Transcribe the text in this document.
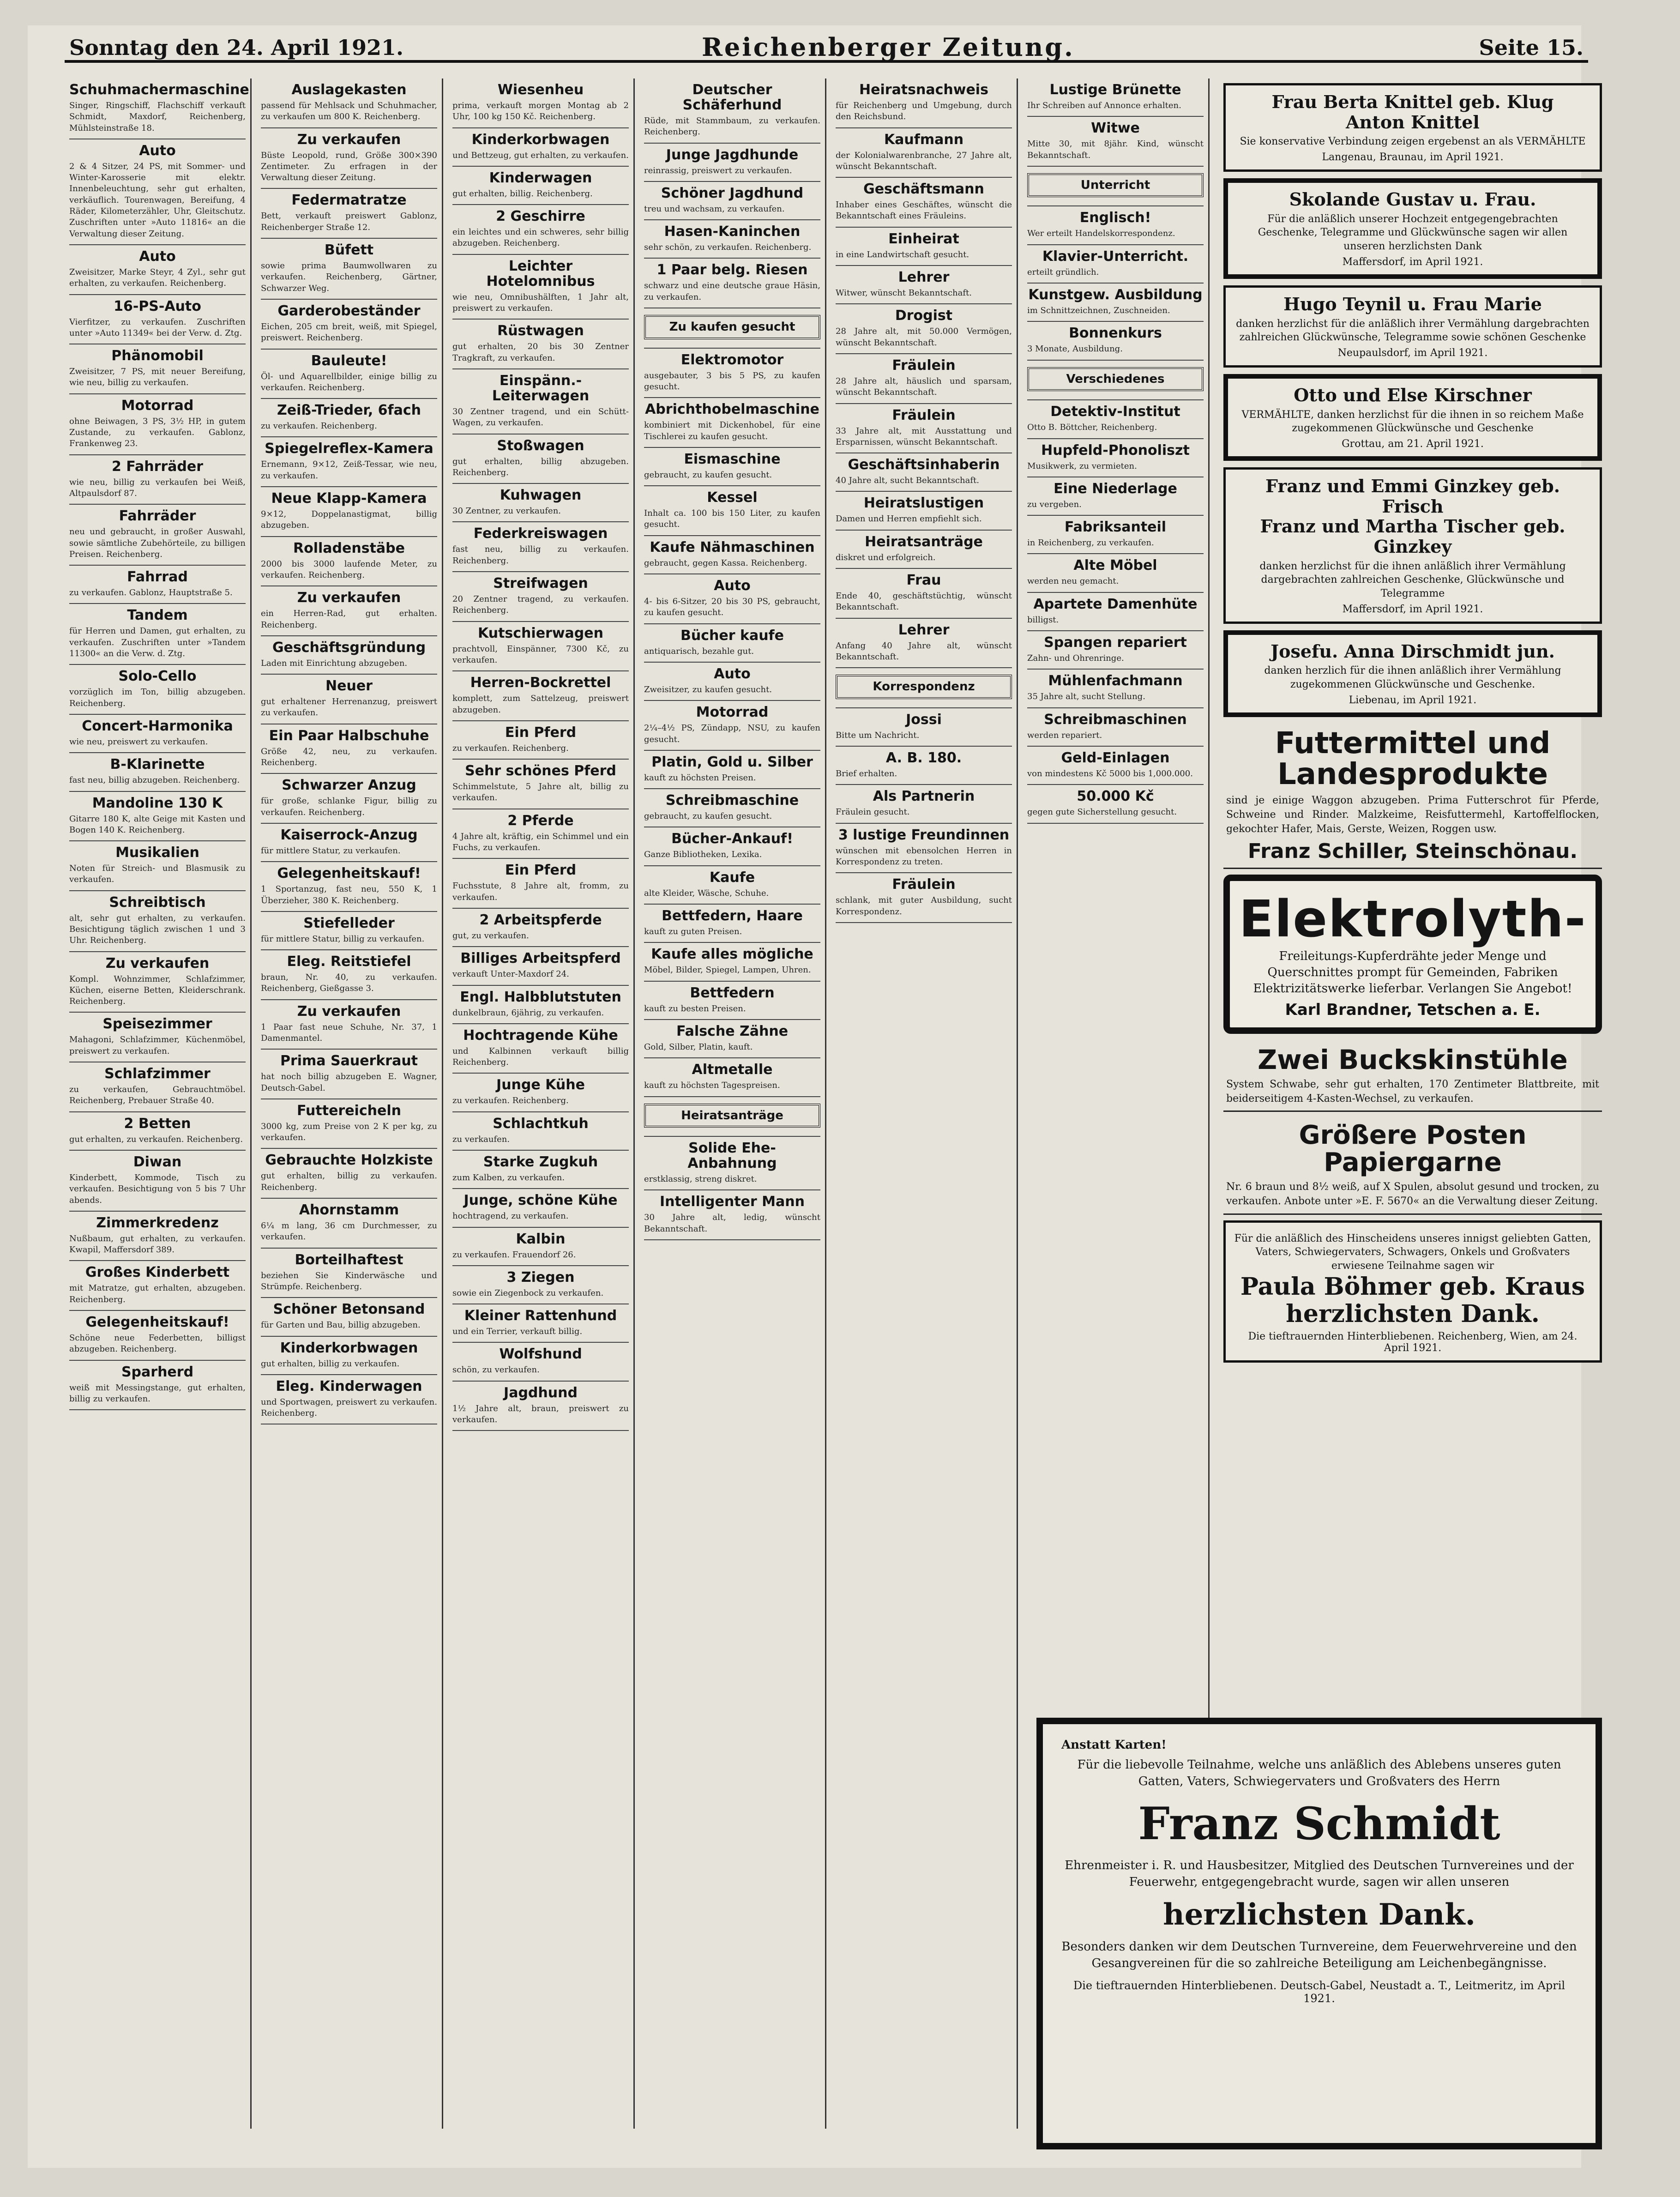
Sonntag den 24. April 1921.	Reichenberger Zeitung.	Seite 15.
Schuhmachermaschine

Singer, Ringschiff, Flachschiff verkauft Schmidt, Maxdorf, Reichenberg, Mühlsteinstraße 18.

Auto

2 & 4 Sitzer, 24 PS, mit Sommer- und Winter-Karosserie mit elektr. Innenbeleuchtung, sehr gut erhalten, verkäuflich. Tourenwagen, Bereifung, 4 Räder, Kilometerzähler, Uhr, Gleitschutz. Zuschriften unter »Auto 11816« an die Verwaltung dieser Zeitung.

Auto

Zweisitzer, Marke Steyr, 4 Zyl., sehr gut erhalten, zu verkaufen. Reichenberg.

16-PS-Auto

Vierfitzer, zu verkaufen. Zuschriften unter »Auto 11349« bei der Verw. d. Ztg.

Phänomobil

Zweisitzer, 7 PS, mit neuer Bereifung, wie neu, billig zu verkaufen.

Motorrad

ohne Beiwagen, 3 PS, 3½ HP, in gutem Zustande, zu verkaufen. Gablonz, Frankenweg 23.

2 Fahrräder

wie neu, billig zu verkaufen bei Weiß, Altpaulsdorf 87.

Fahrräder

neu und gebraucht, in großer Auswahl, sowie sämtliche Zubehörteile, zu billigen Preisen. Reichenberg.

Fahrrad

zu verkaufen. Gablonz, Hauptstraße 5.

Tandem

für Herren und Damen, gut erhalten, zu verkaufen. Zuschriften unter »Tandem 11300« an die Verw. d. Ztg.

Solo-Cello

vorzüglich im Ton, billig abzugeben. Reichenberg.

Concert-Harmonika

wie neu, preiswert zu verkaufen.

B-Klarinette

fast neu, billig abzugeben. Reichenberg.

Mandoline 130 K

Gitarre 180 K, alte Geige mit Kasten und Bogen 140 K. Reichenberg.

Musikalien

Noten für Streich- und Blasmusik zu verkaufen.

Schreibtisch

alt, sehr gut erhalten, zu verkaufen. Besichtigung täglich zwischen 1 und 3 Uhr. Reichenberg.

Zu verkaufen

Kompl. Wohnzimmer, Schlafzimmer, Küchen, eiserne Betten, Kleiderschrank. Reichenberg.

Speisezimmer

Mahagoni, Schlafzimmer, Küchenmöbel, preiswert zu verkaufen.

Schlafzimmer

zu verkaufen, Gebrauchtmöbel. Reichenberg, Prebauer Straße 40.

2 Betten

gut erhalten, zu verkaufen. Reichenberg.

Diwan

Kinderbett, Kommode, Tisch zu verkaufen. Besichtigung von 5 bis 7 Uhr abends.

Zimmerkredenz

Nußbaum, gut erhalten, zu verkaufen. Kwapil, Maffersdorf 389.

Großes Kinderbett

mit Matratze, gut erhalten, abzugeben. Reichenberg.

Gelegenheitskauf!

Schöne neue Federbetten, billigst abzugeben. Reichenberg.

Sparherd

weiß mit Messingstange, gut erhalten, billig zu verkaufen.

Auslagekasten

passend für Mehlsack und Schuhmacher, zu verkaufen um 800 K. Reichenberg.

Zu verkaufen

Büste Leopold, rund, Größe 300×390 Zentimeter. Zu erfragen in der Verwaltung dieser Zeitung.

Federmatratze

Bett, verkauft preiswert Gablonz, Reichenberger Straße 12.

Büfett

sowie prima Baumwollwaren zu verkaufen. Reichenberg, Gärtner, Schwarzer Weg.

Garderobeständer

Eichen, 205 cm breit, weiß, mit Spiegel, preiswert. Reichenberg.

Bauleute!

Öl- und Aquarellbilder, einige billig zu verkaufen. Reichenberg.

Zeiß-Trieder, 6fach

zu verkaufen. Reichenberg.

Spiegelreflex-Kamera

Ernemann, 9×12, Zeiß-Tessar, wie neu, zu verkaufen.

Neue Klapp-Kamera

9×12, Doppelanastigmat, billig abzugeben.

Rolladenstäbe

2000 bis 3000 laufende Meter, zu verkaufen. Reichenberg.

Zu verkaufen

ein Herren-Rad, gut erhalten. Reichenberg.

Geschäftsgründung

Laden mit Einrichtung abzugeben.

Neuer

gut erhaltener Herrenanzug, preiswert zu verkaufen.

Ein Paar Halbschuhe

Größe 42, neu, zu verkaufen. Reichenberg.

Schwarzer Anzug

für große, schlanke Figur, billig zu verkaufen. Reichenberg.

Kaiserrock-Anzug

für mittlere Statur, zu verkaufen.

Gelegenheitskauf!

1 Sportanzug, fast neu, 550 K, 1 Überzieher, 380 K. Reichenberg.

Stiefelleder

für mittlere Statur, billig zu verkaufen.

Eleg. Reitstiefel

braun, Nr. 40, zu verkaufen. Reichenberg, Gießgasse 3.

Zu verkaufen

1 Paar fast neue Schuhe, Nr. 37, 1 Damenmantel.

Prima Sauerkraut

hat noch billig abzugeben E. Wagner, Deutsch-Gabel.

Futtereicheln

3000 kg, zum Preise von 2 K per kg, zu verkaufen.

Gebrauchte Holzkiste

gut erhalten, billig zu verkaufen. Reichenberg.

Ahornstamm

6¼ m lang, 36 cm Durchmesser, zu verkaufen.

Borteilhaftest

beziehen Sie Kinderwäsche und Strümpfe. Reichenberg.

Schöner Betonsand

für Garten und Bau, billig abzugeben.

Kinderkorbwagen

gut erhalten, billig zu verkaufen.

Eleg. Kinderwagen

und Sportwagen, preiswert zu verkaufen. Reichenberg.

Wiesenheu

prima, verkauft morgen Montag ab 2 Uhr, 100 kg 150 Kč. Reichenberg.

Kinderkorbwagen

und Bettzeug, gut erhalten, zu verkaufen.

Kinderwagen

gut erhalten, billig. Reichenberg.

2 Geschirre

ein leichtes und ein schweres, sehr billig abzugeben. Reichenberg.

Leichter Hotelomnibus

wie neu, Omnibushälften, 1 Jahr alt, preiswert zu verkaufen.

Rüstwagen

gut erhalten, 20 bis 30 Zentner Tragkraft, zu verkaufen.

Einspänn.-Leiterwagen

30 Zentner tragend, und ein Schütt-Wagen, zu verkaufen.

Stoßwagen

gut erhalten, billig abzugeben. Reichenberg.

Kuhwagen

30 Zentner, zu verkaufen.

Federkreiswagen

fast neu, billig zu verkaufen. Reichenberg.

Streifwagen

20 Zentner tragend, zu verkaufen. Reichenberg.

Kutschierwagen

prachtvoll, Einspänner, 7300 Kč, zu verkaufen.

Herren-Bockrettel

komplett, zum Sattelzeug, preiswert abzugeben.

Ein Pferd

zu verkaufen. Reichenberg.

Sehr schönes Pferd

Schimmelstute, 5 Jahre alt, billig zu verkaufen.

2 Pferde

4 Jahre alt, kräftig, ein Schimmel und ein Fuchs, zu verkaufen.

Ein Pferd

Fuchsstute, 8 Jahre alt, fromm, zu verkaufen.

2 Arbeitspferde

gut, zu verkaufen.

Billiges Arbeitspferd

verkauft Unter-Maxdorf 24.

Engl. Halbblutstuten

dunkelbraun, 6jährig, zu verkaufen.

Hochtragende Kühe

und Kalbinnen verkauft billig Reichenberg.

Junge Kühe

zu verkaufen. Reichenberg.

Schlachtkuh

zu verkaufen.

Starke Zugkuh

zum Kalben, zu verkaufen.

Junge, schöne Kühe

hochtragend, zu verkaufen.

Kalbin

zu verkaufen. Frauendorf 26.

3 Ziegen

sowie ein Ziegenbock zu verkaufen.

Kleiner Rattenhund

und ein Terrier, verkauft billig.

Wolfshund

schön, zu verkaufen.

Jagdhund

1½ Jahre alt, braun, preiswert zu verkaufen.

Deutscher Schäferhund

Rüde, mit Stammbaum, zu verkaufen. Reichenberg.

Junge Jagdhunde

reinrassig, preiswert zu verkaufen.

Schöner Jagdhund

treu und wachsam, zu verkaufen.

Hasen-Kaninchen

sehr schön, zu verkaufen. Reichenberg.

1 Paar belg. Riesen

schwarz und eine deutsche graue Häsin, zu verkaufen.

Zu kaufen gesucht
Elektromotor

ausgebauter, 3 bis 5 PS, zu kaufen gesucht.

Abrichthobelmaschine

kombiniert mit Dickenhobel, für eine Tischlerei zu kaufen gesucht.

Eismaschine

gebraucht, zu kaufen gesucht.

Kessel

Inhalt ca. 100 bis 150 Liter, zu kaufen gesucht.

Kaufe Nähmaschinen

gebraucht, gegen Kassa. Reichenberg.

Auto

4- bis 6-Sitzer, 20 bis 30 PS, gebraucht, zu kaufen gesucht.

Bücher kaufe

antiquarisch, bezahle gut.

Auto

Zweisitzer, zu kaufen gesucht.

Motorrad

2¼–4½ PS, Zündapp, NSU, zu kaufen gesucht.

Platin, Gold u. Silber

kauft zu höchsten Preisen.

Schreibmaschine

gebraucht, zu kaufen gesucht.

Bücher-Ankauf!

Ganze Bibliotheken, Lexika.

Kaufe

alte Kleider, Wäsche, Schuhe.

Bettfedern, Haare

kauft zu guten Preisen.

Kaufe alles mögliche

Möbel, Bilder, Spiegel, Lampen, Uhren.

Bettfedern

kauft zu besten Preisen.

Falsche Zähne

Gold, Silber, Platin, kauft.

Altmetalle

kauft zu höchsten Tagespreisen.

Heiratsanträge
Solide Ehe-Anbahnung

erstklassig, streng diskret.

Intelligenter Mann

30 Jahre alt, ledig, wünscht Bekanntschaft.

Heiratsnachweis

für Reichenberg und Umgebung, durch den Reichsbund.

Kaufmann

der Kolonialwarenbranche, 27 Jahre alt, wünscht Bekanntschaft.

Geschäftsmann

Inhaber eines Geschäftes, wünscht die Bekanntschaft eines Fräuleins.

Einheirat

in eine Landwirtschaft gesucht.

Lehrer

Witwer, wünscht Bekanntschaft.

Drogist

28 Jahre alt, mit 50.000 Vermögen, wünscht Bekanntschaft.

Fräulein

28 Jahre alt, häuslich und sparsam, wünscht Bekanntschaft.

Fräulein

33 Jahre alt, mit Ausstattung und Ersparnissen, wünscht Bekanntschaft.

Geschäftsinhaberin

40 Jahre alt, sucht Bekanntschaft.

Heiratslustigen

Damen und Herren empfiehlt sich.

Heiratsanträge

diskret und erfolgreich.

Frau

Ende 40, geschäftstüchtig, wünscht Bekanntschaft.

Lehrer

Anfang 40 Jahre alt, wünscht Bekanntschaft.

Korrespondenz
Jossi

Bitte um Nachricht.

A. B. 180.

Brief erhalten.

Als Partnerin

Fräulein gesucht.

3 lustige Freundinnen

wünschen mit ebensolchen Herren in Korrespondenz zu treten.

Fräulein

schlank, mit guter Ausbildung, sucht Korrespondenz.

Lustige Brünette

Ihr Schreiben auf Annonce erhalten.

Witwe

Mitte 30, mit 8jähr. Kind, wünscht Bekanntschaft.

Unterricht
Englisch!

Wer erteilt Handelskorrespondenz.

Klavier-Unterricht.

erteilt gründlich.

Kunstgew. Ausbildung

im Schnittzeichnen, Zuschneiden.

Bonnenkurs

3 Monate, Ausbildung.

Verschiedenes
Detektiv-Institut

Otto B. Böttcher, Reichenberg.

Hupfeld-Phonoliszt

Musikwerk, zu vermieten.

Eine Niederlage

zu vergeben.

Fabriksanteil

in Reichenberg, zu verkaufen.

Alte Möbel

werden neu gemacht.

Apartete Damenhüte

billigst.

Spangen repariert

Zahn- und Ohrenringe.

Mühlenfachmann

35 Jahre alt, sucht Stellung.

Schreibmaschinen

werden repariert.

Geld-Einlagen

von mindestens Kč 5000 bis 1,000.000.

50.000 Kč

gegen gute Sicherstellung gesucht.

Frau Berta Knittel geb. Klug
Anton Knittel
Sie konservative Verbindung zeigen ergebenst an als VERMÄHLTE
Langenau, Braunau, im April 1921.
Skolande Gustav u. Frau.
Für die anläßlich unserer Hochzeit entgegengebrachten Geschenke, Telegramme und Glückwünsche sagen wir allen unseren herzlichsten Dank
Maffersdorf, im April 1921.
Hugo Teynil u. Frau Marie
danken herzlichst für die anläßlich ihrer Vermählung dargebrachten zahlreichen Glückwünsche, Telegramme sowie schönen Geschenke
Neupaulsdorf, im April 1921.
Otto und Else Kirschner
VERMÄHLTE, danken herzlichst für die ihnen in so reichem Maße zugekommenen Glückwünsche und Geschenke
Grottau, am 21. April 1921.
Franz und Emmi Ginzkey geb. Frisch
Franz und Martha Tischer geb. Ginzkey
danken herzlichst für die ihnen anläßlich ihrer Vermählung dargebrachten zahlreichen Geschenke, Glückwünsche und Telegramme
Maffersdorf, im April 1921.
Josefu. Anna Dirschmidt jun.
danken herzlich für die ihnen anläßlich ihrer Vermählung zugekommenen Glückwünsche und Geschenke.
Liebenau, im April 1921.
Futtermittel und Landesprodukte
sind je einige Waggon abzugeben. Prima Futterschrot für Pferde, Schweine und Rinder. Malzkeime, Reisfuttermehl, Kartoffelflocken, gekochter Hafer, Mais, Gerste, Weizen, Roggen usw.
Franz Schiller, Steinschönau.
Elektrolyth-
Freileitungs-Kupferdrähte jeder Menge und Querschnittes prompt für Gemeinden, Fabriken Elektrizitätswerke lieferbar. Verlangen Sie Angebot!
Karl Brandner, Tetschen a. E.
Zwei Buckskinstühle
System Schwabe, sehr gut erhalten, 170 Zentimeter Blattbreite, mit beiderseitigem 4-Kasten-Wechsel, zu verkaufen.
Größere Posten Papiergarne
Nr. 6 braun und 8½ weiß, auf X Spulen, absolut gesund und trocken, zu verkaufen. Anbote unter »E. F. 5670« an die Verwaltung dieser Zeitung.
Für die anläßlich des Hinscheidens unseres innigst geliebten Gatten, Vaters, Schwiegervaters, Schwagers, Onkels und Großvaters erwiesene Teilnahme sagen wir
Paula Böhmer geb. Kraus
herzlichsten Dank.
Die tieftrauernden Hinterbliebenen. Reichenberg, Wien, am 24. April 1921.
Anstatt Karten!
Für die liebevolle Teilnahme, welche uns anläßlich des Ablebens unseres guten Gatten, Vaters, Schwiegervaters und Großvaters des Herrn
Franz Schmidt
Ehrenmeister i. R. und Hausbesitzer, Mitglied des Deutschen Turnvereines und der Feuerwehr, entgegengebracht wurde, sagen wir allen unseren
herzlichsten Dank.
Besonders danken wir dem Deutschen Turnvereine, dem Feuerwehrvereine und den Gesangvereinen für die so zahlreiche Beteiligung am Leichenbegängnisse.
Die tieftrauernden Hinterbliebenen. Deutsch-Gabel, Neustadt a. T., Leitmeritz, im April 1921.
